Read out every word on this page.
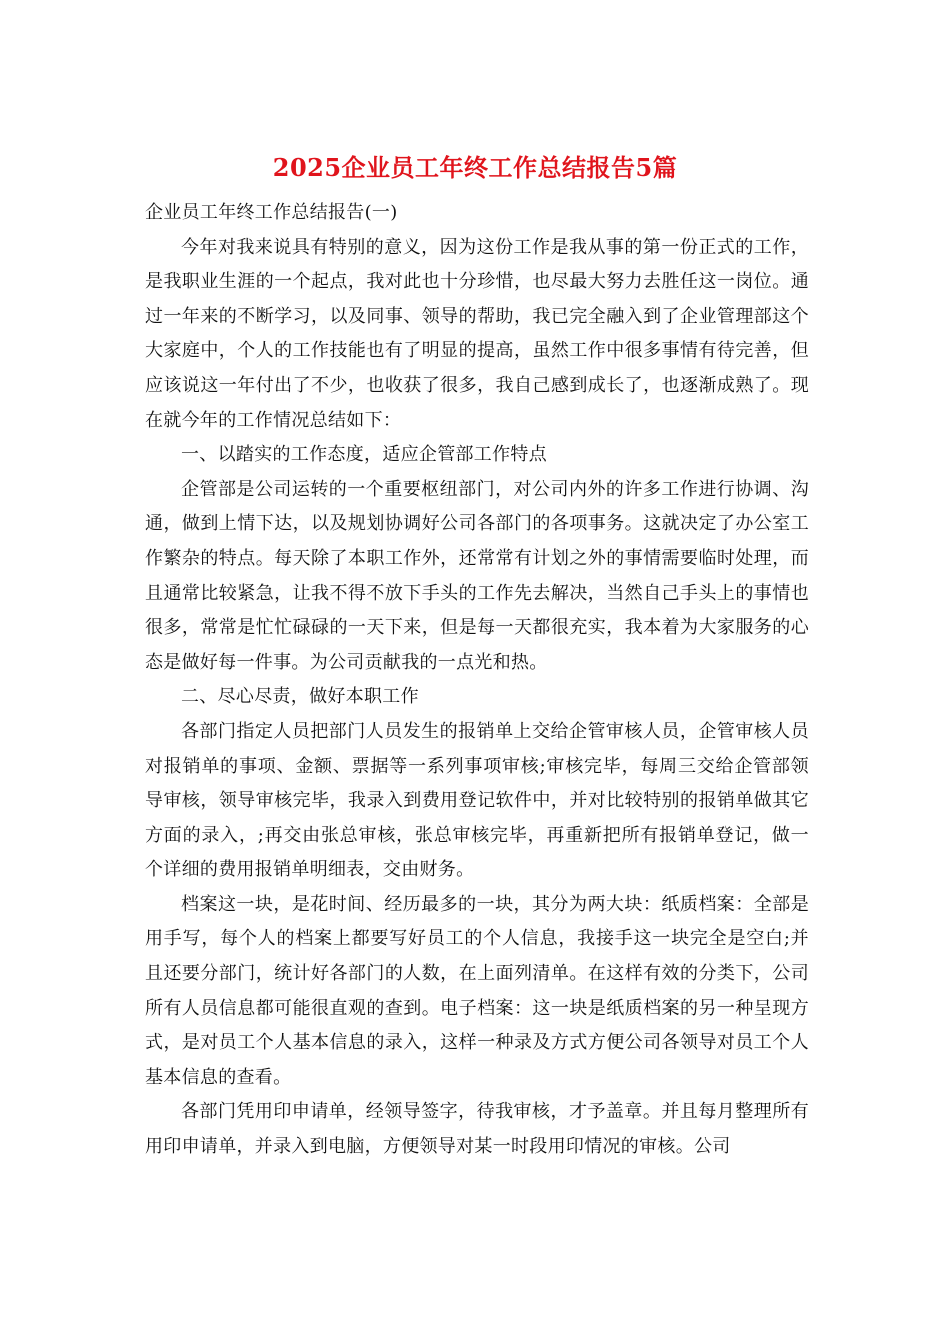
2025企业员工年终工作总结报告5篇

企业员工年终工作总结报告(一)

今年对我来说具有特别的意义，因为这份工作是我从事的第一份正式的工作，是我职业生涯的一个起点，我对此也十分珍惜，也尽最大努力去胜任这一岗位。通过一年来的不断学习，以及同事、领导的帮助，我已完全融入到了企业管理部这个大家庭中，个人的工作技能也有了明显的提高，虽然工作中很多事情有待完善，但应该说这一年付出了不少，也收获了很多，我自己感到成长了，也逐渐成熟了。现在就今年的工作情况总结如下：

一、以踏实的工作态度，适应企管部工作特点

企管部是公司运转的一个重要枢纽部门，对公司内外的许多工作进行协调、沟通，做到上情下达，以及规划协调好公司各部门的各项事务。这就决定了办公室工作繁杂的特点。每天除了本职工作外，还常常有计划之外的事情需要临时处理，而且通常比较紧急，让我不得不放下手头的工作先去解决，当然自己手头上的事情也很多，常常是忙忙碌碌的一天下来，但是每一天都很充实，我本着为大家服务的心态是做好每一件事。为公司贡献我的一点光和热。

二、尽心尽责，做好本职工作

各部门指定人员把部门人员发生的报销单上交给企管审核人员，企管审核人员对报销单的事项、金额、票据等一系列事项审核;审核完毕，每周三交给企管部领导审核，领导审核完毕，我录入到费用登记软件中，并对比较特别的报销单做其它方面的录入，;再交由张总审核，张总审核完毕，再重新把所有报销单登记，做一个详细的费用报销单明细表，交由财务。

档案这一块，是花时间、经历最多的一块，其分为两大块：纸质档案：全部是用手写，每个人的档案上都要写好员工的个人信息，我接手这一块完全是空白;并且还要分部门，统计好各部门的人数，在上面列清单。在这样有效的分类下，公司所有人员信息都可能很直观的查到。电子档案：这一块是纸质档案的另一种呈现方式，是对员工个人基本信息的录入，这样一种录及方式方便公司各领导对员工个人基本信息的查看。

各部门凭用印申请单，经领导签字，待我审核，才予盖章。并且每月整理所有用印申请单，并录入到电脑，方便领导对某一时段用印情况的审核。公司
